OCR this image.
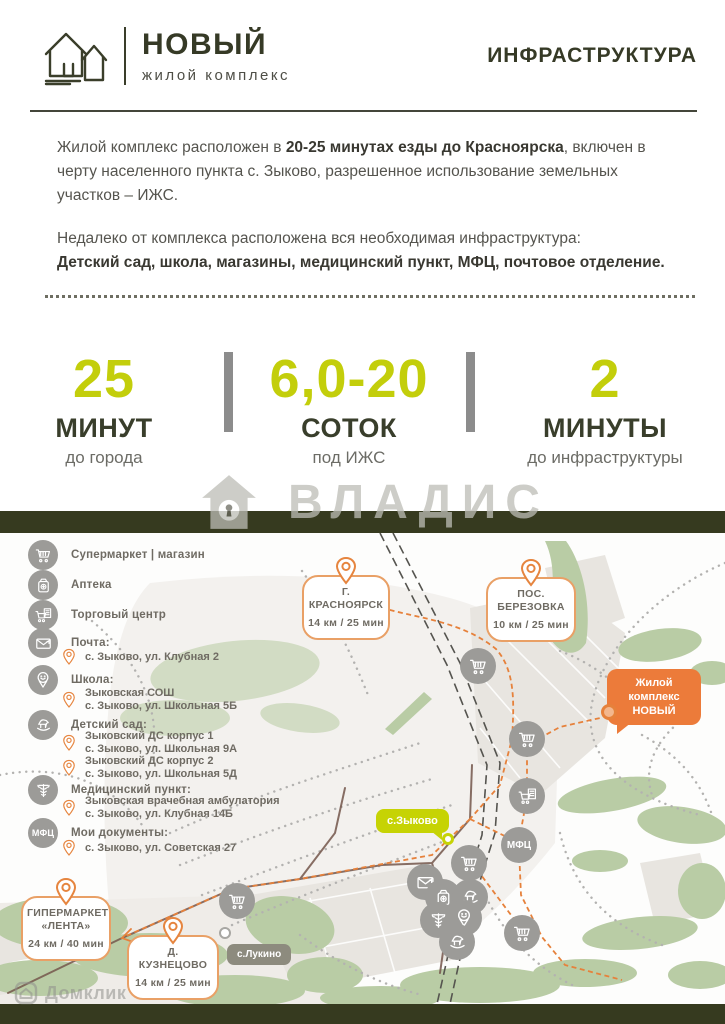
НОВЫЙ
жилой комплекс
ИНФРАСТРУКТУРА

Жилой комплекс расположен в 20-25 минутах езды до Красноярска, включен в черту населенного пункта с. Зыково, разрешенное использование земельных участков – ИЖС.

Недалеко от комплекса расположена вся необходимая инфраструктура:
Детский сад, школа, магазины, медицинский пункт, МФЦ, почтовое отделение.

25
МИНУТ
до города
6,0-20
СОТОК
под ИЖС
2
МИНУТЫ
до инфраструктуры
ВЛАДИС
Супермаркет | магазин
Аптека
Торговый центр
Почта:
с. Зыково, ул. Клубная 2
Школа:
Зыковская СОШ
с. Зыково, ул. Школьная 5Б
Детский сад:
Зыковский ДС корпус 1
с. Зыково, ул. Школьная 9А
Зыковский ДС корпус 2
с. Зыково, ул. Школьная 5Д
Медицинский пункт:
Зыковская врачебная амбулатория
с. Зыково, ул. Клубная 14Б
МФЦ Мои документы:
с. Зыково, ул. Советская 27	МФЦ
Г. КРАСНОЯРСК
14 км / 25 мин
ПОС. БЕРЕЗОВКА
10 км / 25 мин
ГИПЕРМАРКЕТ
«ЛЕНТА»
24 км / 40 мин
Д. КУЗНЕЦОВО
14 км / 25 мин
Жилой комплекс
НОВЫЙ
с.Зыково
с.Лукино
Домклик
